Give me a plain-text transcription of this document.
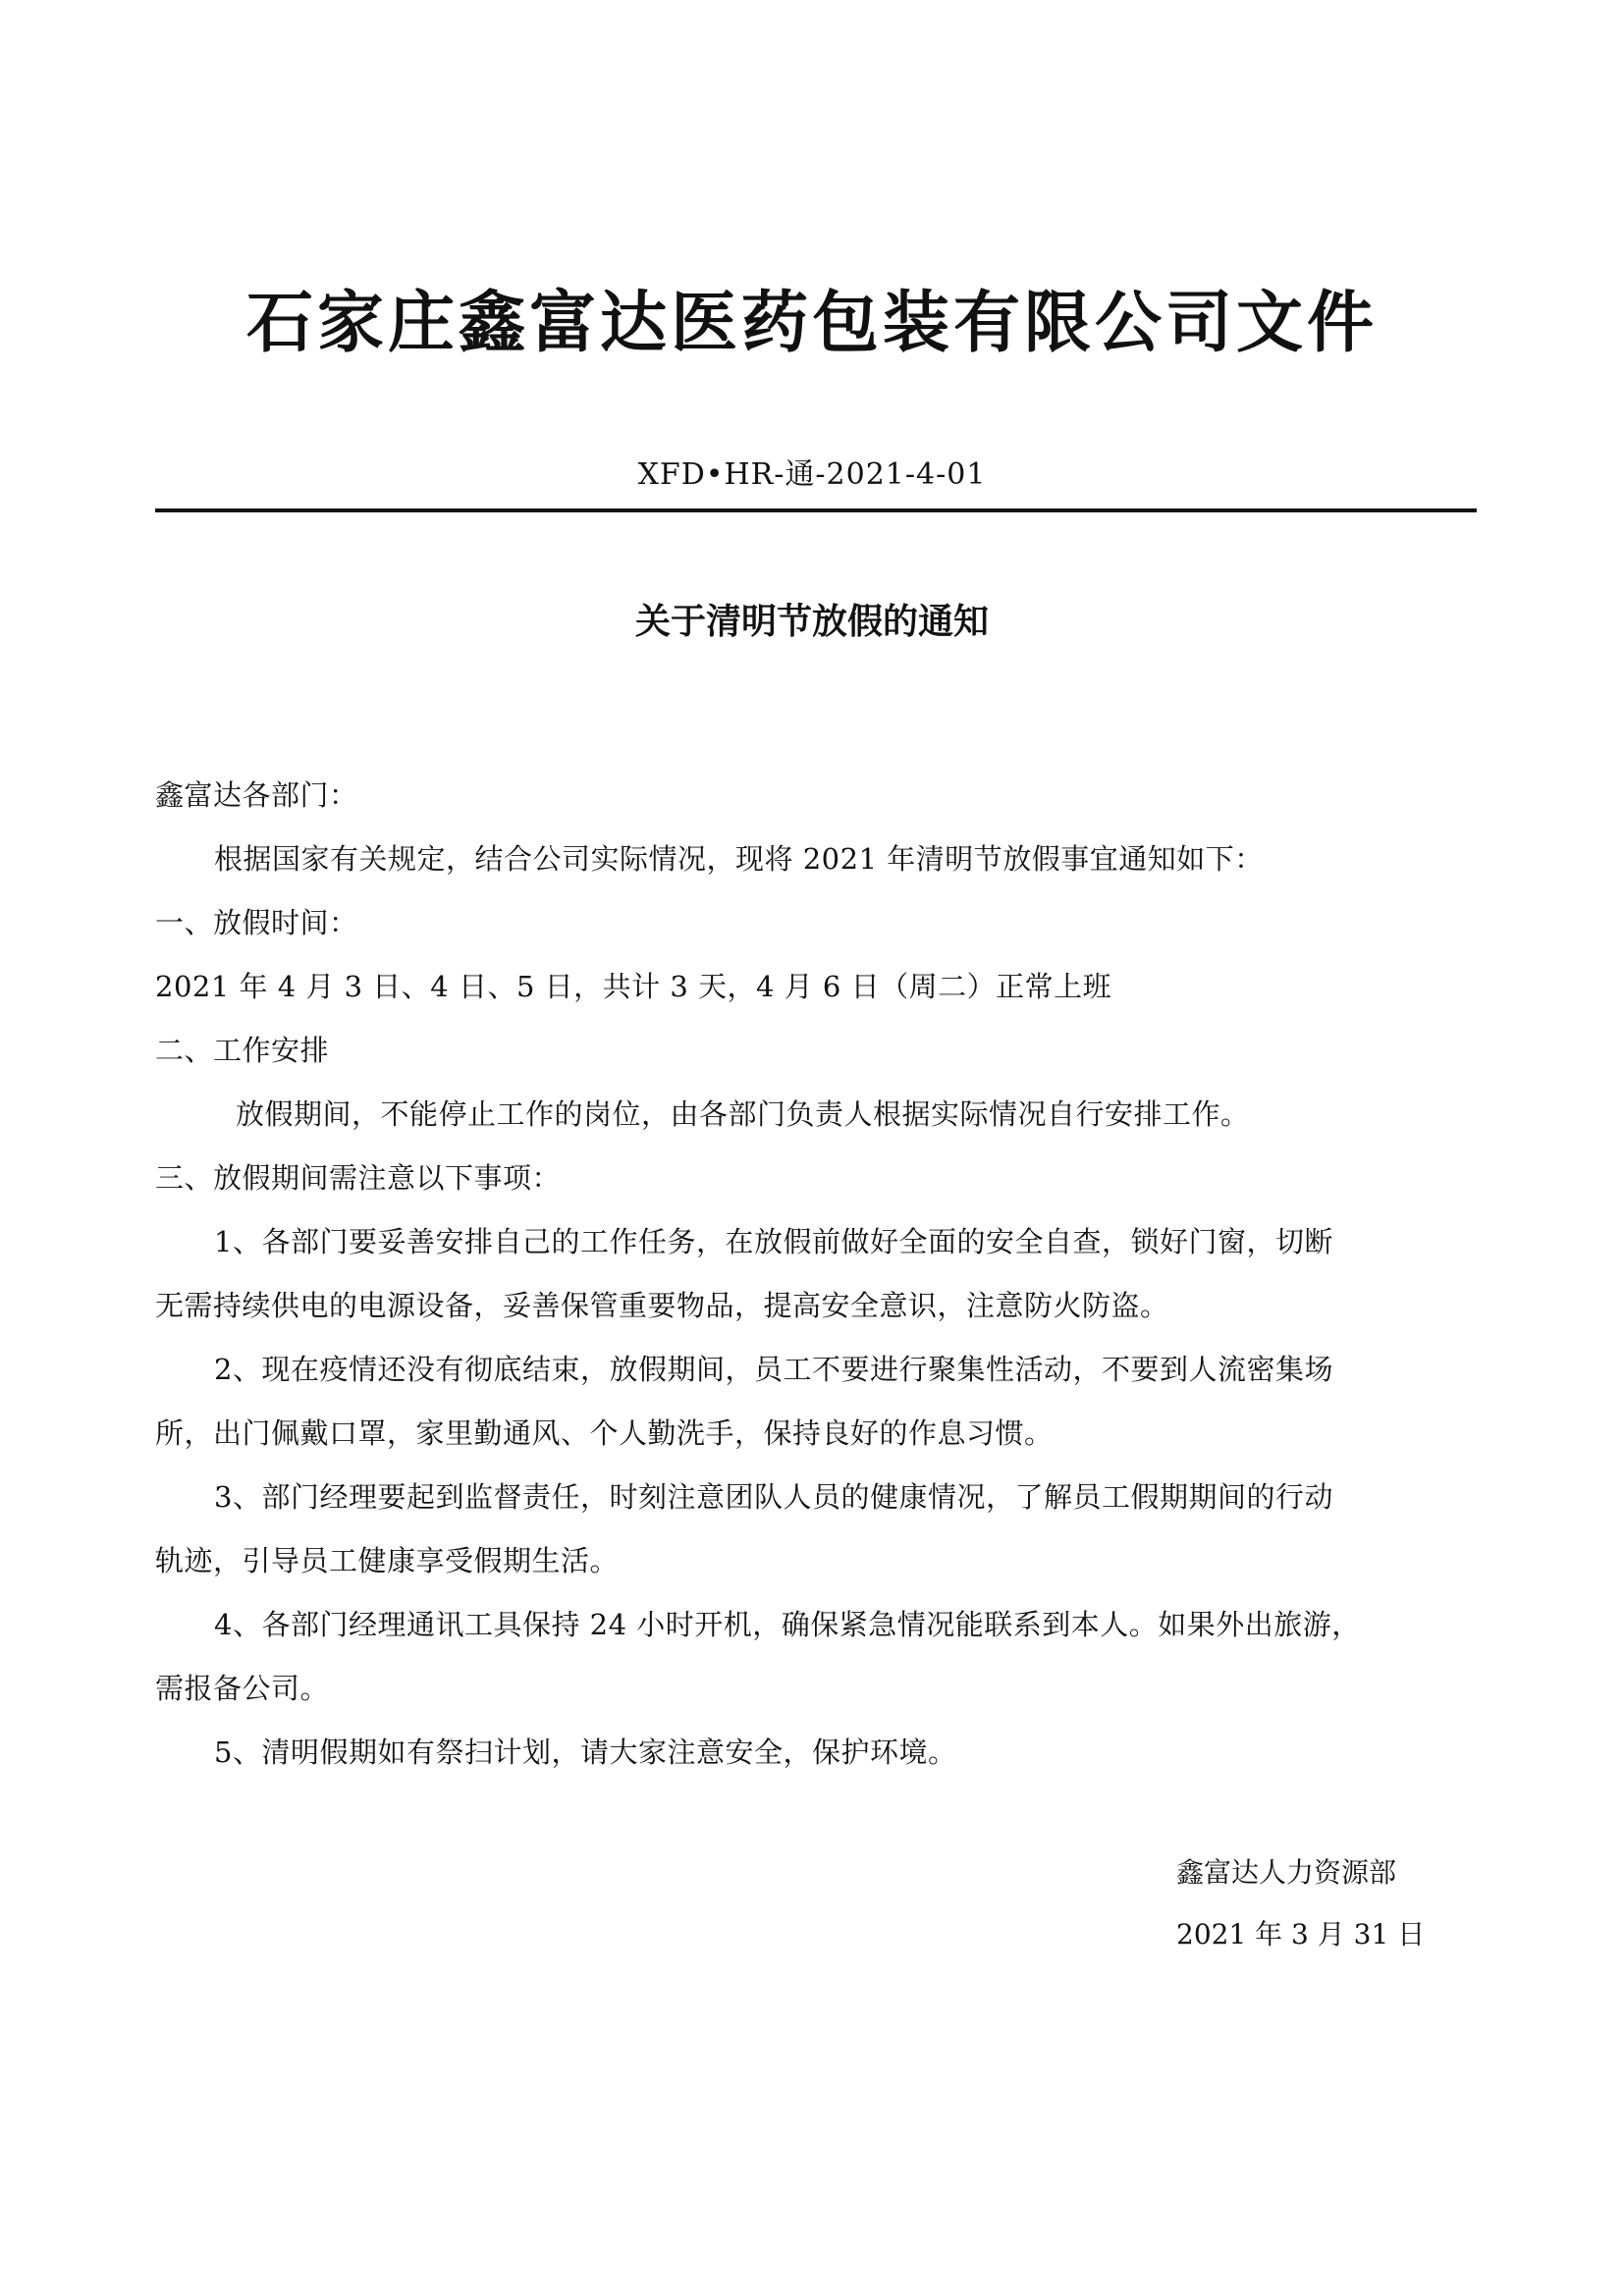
石家庄鑫富达医药包装有限公司文件
XFD•HR-通-2021-4-01
关于清明节放假的通知
鑫富达各部门：
根据国家有关规定，结合公司实际情况，现将 2021 年清明节放假事宜通知如下：
一、放假时间：
2021 年 4 月 3 日、4 日、5 日，共计 3 天，4 月 6 日（周二）正常上班
二、工作安排
放假期间，不能停止工作的岗位，由各部门负责人根据实际情况自行安排工作。
三、放假期间需注意以下事项：
1、各部门要妥善安排自己的工作任务，在放假前做好全面的安全自查，锁好门窗，切断
无需持续供电的电源设备，妥善保管重要物品，提高安全意识，注意防火防盗。
2、现在疫情还没有彻底结束，放假期间，员工不要进行聚集性活动，不要到人流密集场
所，出门佩戴口罩，家里勤通风、个人勤洗手，保持良好的作息习惯。
3、部门经理要起到监督责任，时刻注意团队人员的健康情况，了解员工假期期间的行动
轨迹，引导员工健康享受假期生活。
4、各部门经理通讯工具保持 24 小时开机，确保紧急情况能联系到本人。如果外出旅游，
需报备公司。
5、清明假期如有祭扫计划，请大家注意安全，保护环境。
鑫富达人力资源部
2021 年 3 月 31 日
